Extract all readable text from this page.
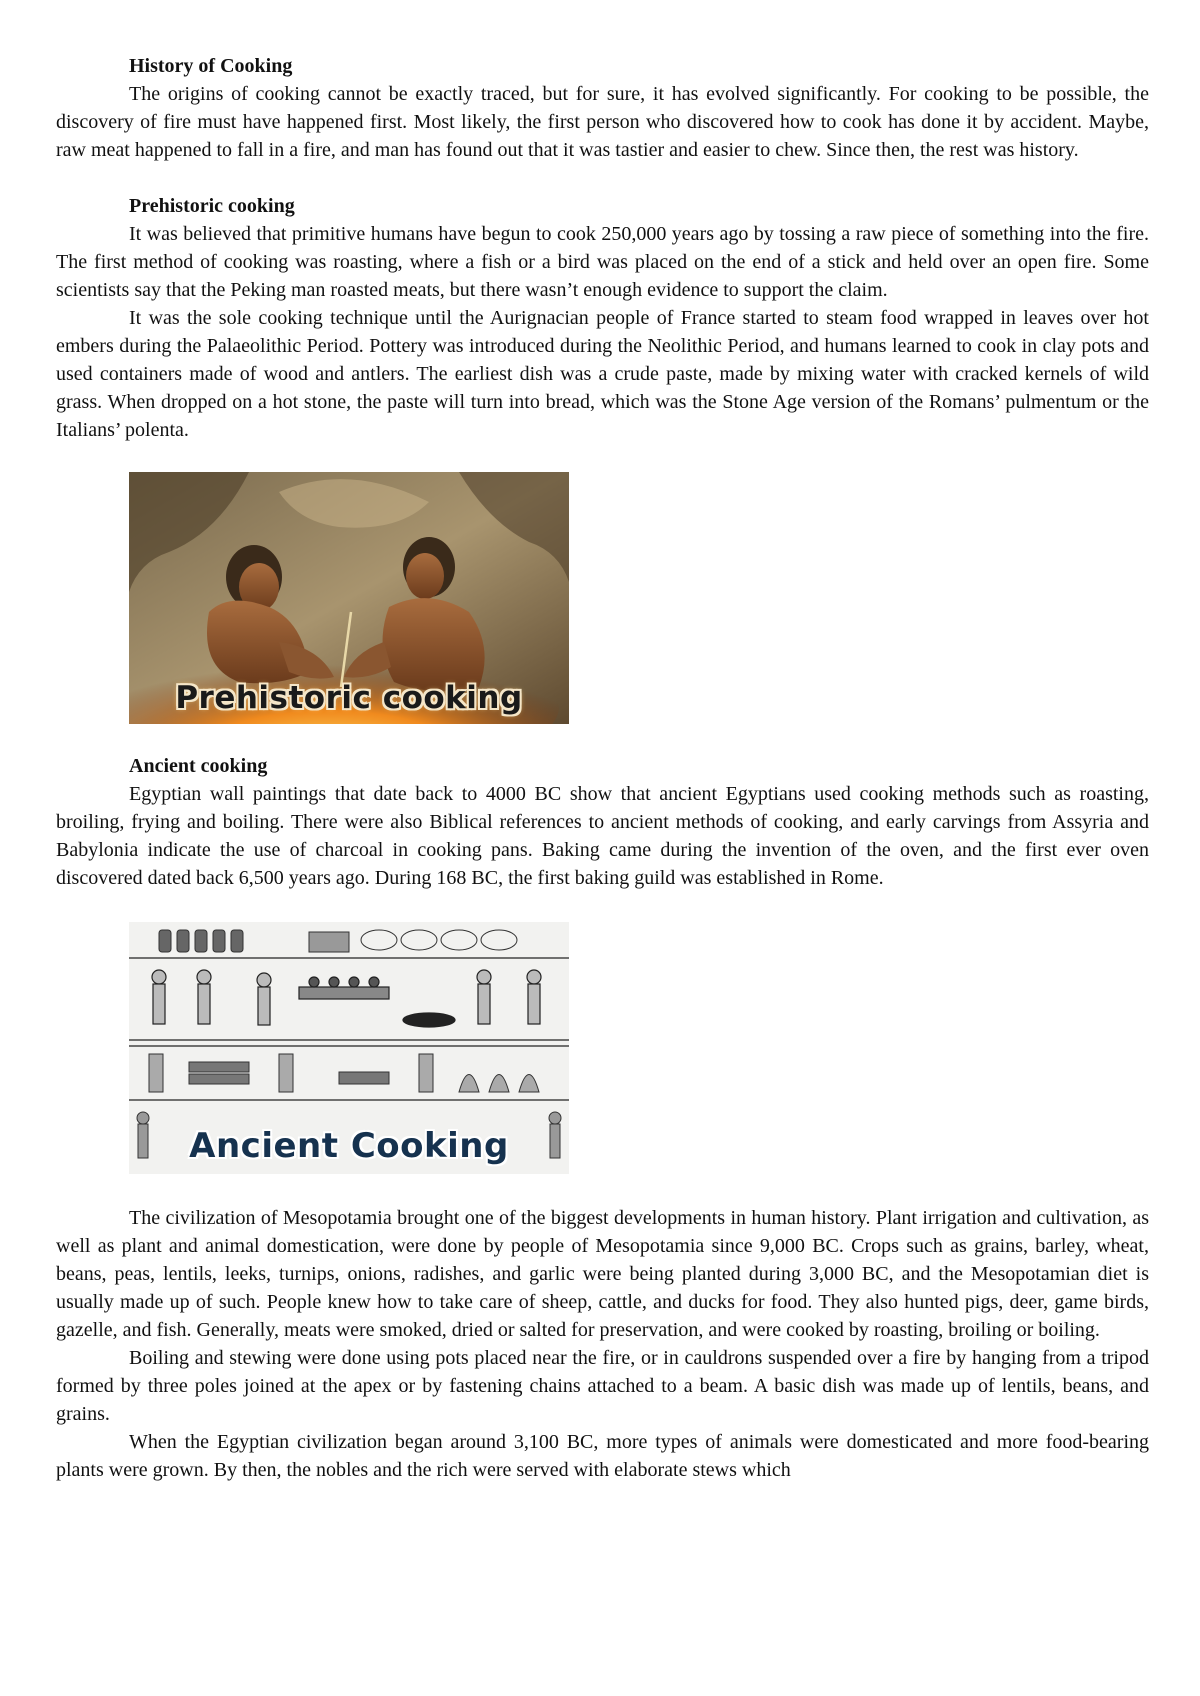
History of Cooking

The origins of cooking cannot be exactly traced, but for sure, it has evolved significantly. For cooking to be possible, the discovery of fire must have happened first. Most likely, the first person who discovered how to cook has done it by accident. Maybe, raw meat happened to fall in a fire, and man has found out that it was tastier and easier to chew. Since then, the rest was history.

Prehistoric cooking

It was believed that primitive humans have begun to cook 250,000 years ago by tossing a raw piece of something into the fire. The first method of cooking was roasting, where a fish or a bird was placed on the end of a stick and held over an open fire. Some scientists say that the Peking man roasted meats, but there wasn’t enough evidence to support the claim.

It was the sole cooking technique until the Aurignacian people of France started to steam food wrapped in leaves over hot embers during the Palaeolithic Period. Pottery was introduced during the Neolithic Period, and humans learned to cook in clay pots and used containers made of wood and antlers. The earliest dish was a crude paste, made by mixing water with cracked kernels of wild grass. When dropped on a hot stone, the paste will turn into bread, which was the Stone Age version of the Romans’ pulmentum or the Italians’ polenta.

Prehistoric cooking
Ancient cooking

Egyptian wall paintings that date back to 4000 BC show that ancient Egyptians used cooking methods such as roasting, broiling, frying and boiling. There were also Biblical references to ancient methods of cooking, and early carvings from Assyria and Babylonia indicate the use of charcoal in cooking pans. Baking came during the invention of the oven, and the first ever oven discovered dated back 6,500 years ago. During 168 BC, the first baking guild was established in Rome.

Ancient Cooking

The civilization of Mesopotamia brought one of the biggest developments in human history. Plant irrigation and cultivation, as well as plant and animal domestication, were done by people of Mesopotamia since 9,000 BC. Crops such as grains, barley, wheat, beans, peas, lentils, leeks, turnips, onions, radishes, and garlic were being planted during 3,000 BC, and the Mesopotamian diet is usually made up of such. People knew how to take care of sheep, cattle, and ducks for food. They also hunted pigs, deer, game birds, gazelle, and fish. Generally, meats were smoked, dried or salted for preservation, and were cooked by roasting, broiling or boiling.

Boiling and stewing were done using pots placed near the fire, or in cauldrons suspended over a fire by hanging from a tripod formed by three poles joined at the apex or by fastening chains attached to a beam. A basic dish was made up of lentils, beans, and grains.

When the Egyptian civilization began around 3,100 BC, more types of animals were domesticated and more food-bearing plants were grown. By then, the nobles and the rich were served with elaborate stews which
